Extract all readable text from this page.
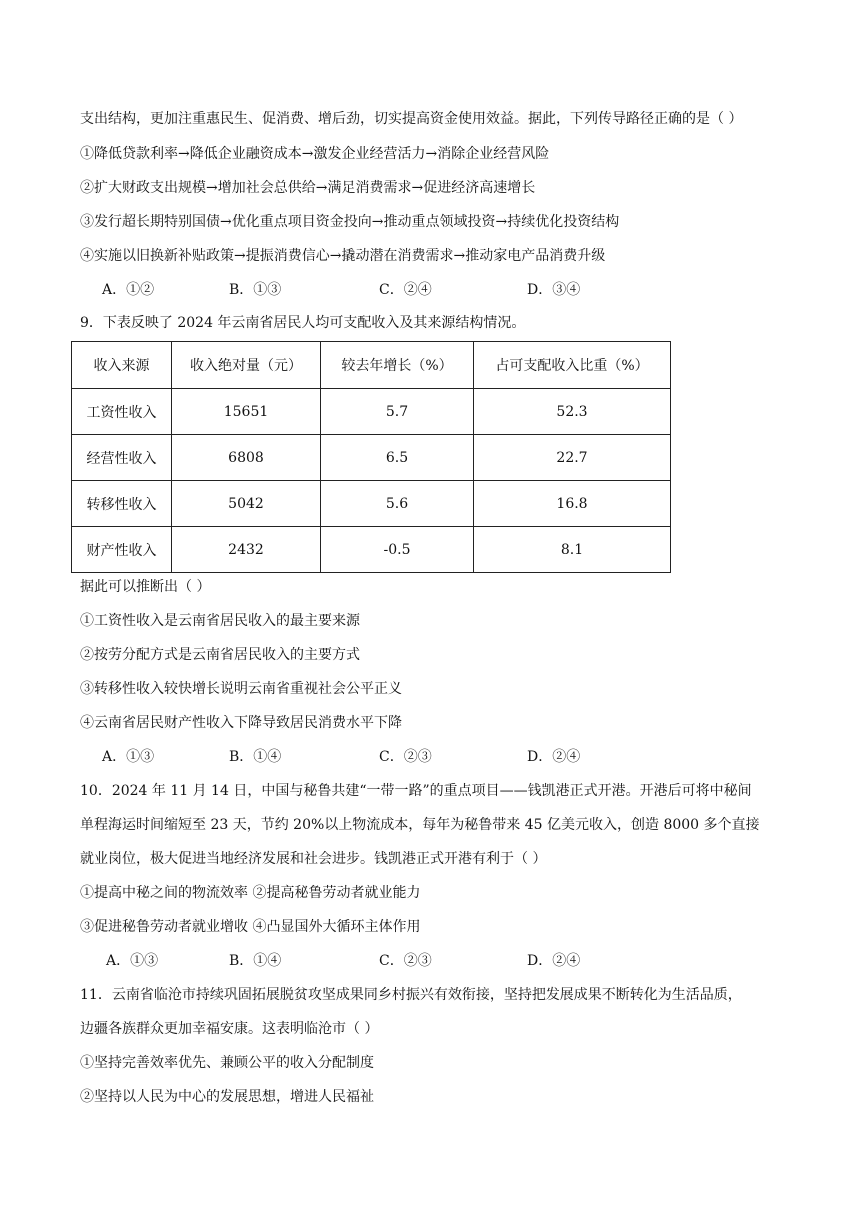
支出结构，更加注重惠民生、促消费、增后劲，切实提高资金使用效益。据此，下列传导路径正确的是（ ）
①降低贷款利率→降低企业融资成本→激发企业经营活力→消除企业经营风险
②扩大财政支出规模→增加社会总供给→满足消费需求→促进经济高速增长
③发行超长期特别国债→优化重点项目资金投向→推动重点领域投资→持续优化投资结构
④实施以旧换新补贴政策→提振消费信心→撬动潜在消费需求→推动家电产品消费升级
A．①②	B．①③	C．②④	D．③④
9．下表反映了 2024 年云南省居民人均可支配收入及其来源结构情况。
收入来源	收入绝对量（元）	较去年增长（%）	占可支配收入比重（%）
工资性收入	15651	5.7	52.3
经营性收入	6808	6.5	22.7
转移性收入	5042	5.6	16.8
财产性收入	2432	-0.5	8.1
据此可以推断出（ ）
①工资性收入是云南省居民收入的最主要来源
②按劳分配方式是云南省居民收入的主要方式
③转移性收入较快增长说明云南省重视社会公平正义
④云南省居民财产性收入下降导致居民消费水平下降
A．①③	B．①④	C．②③	D．②④
10．2024 年 11 月 14 日，中国与秘鲁共建“一带一路”的重点项目——钱凯港正式开港。开港后可将中秘间
单程海运时间缩短至 23 天，节约 20%以上物流成本，每年为秘鲁带来 45 亿美元收入，创造 8000 多个直接
就业岗位，极大促进当地经济发展和社会进步。钱凯港正式开港有利于（ ）
①提高中秘之间的物流效率 ②提高秘鲁劳动者就业能力
③促进秘鲁劳动者就业增收 ④凸显国外大循环主体作用
A．①③	B．①④	C．②③	D．②④
11．云南省临沧市持续巩固拓展脱贫攻坚成果同乡村振兴有效衔接，坚持把发展成果不断转化为生活品质，
边疆各族群众更加幸福安康。这表明临沧市（ ）
①坚持完善效率优先、兼顾公平的收入分配制度
②坚持以人民为中心的发展思想，增进人民福祉
